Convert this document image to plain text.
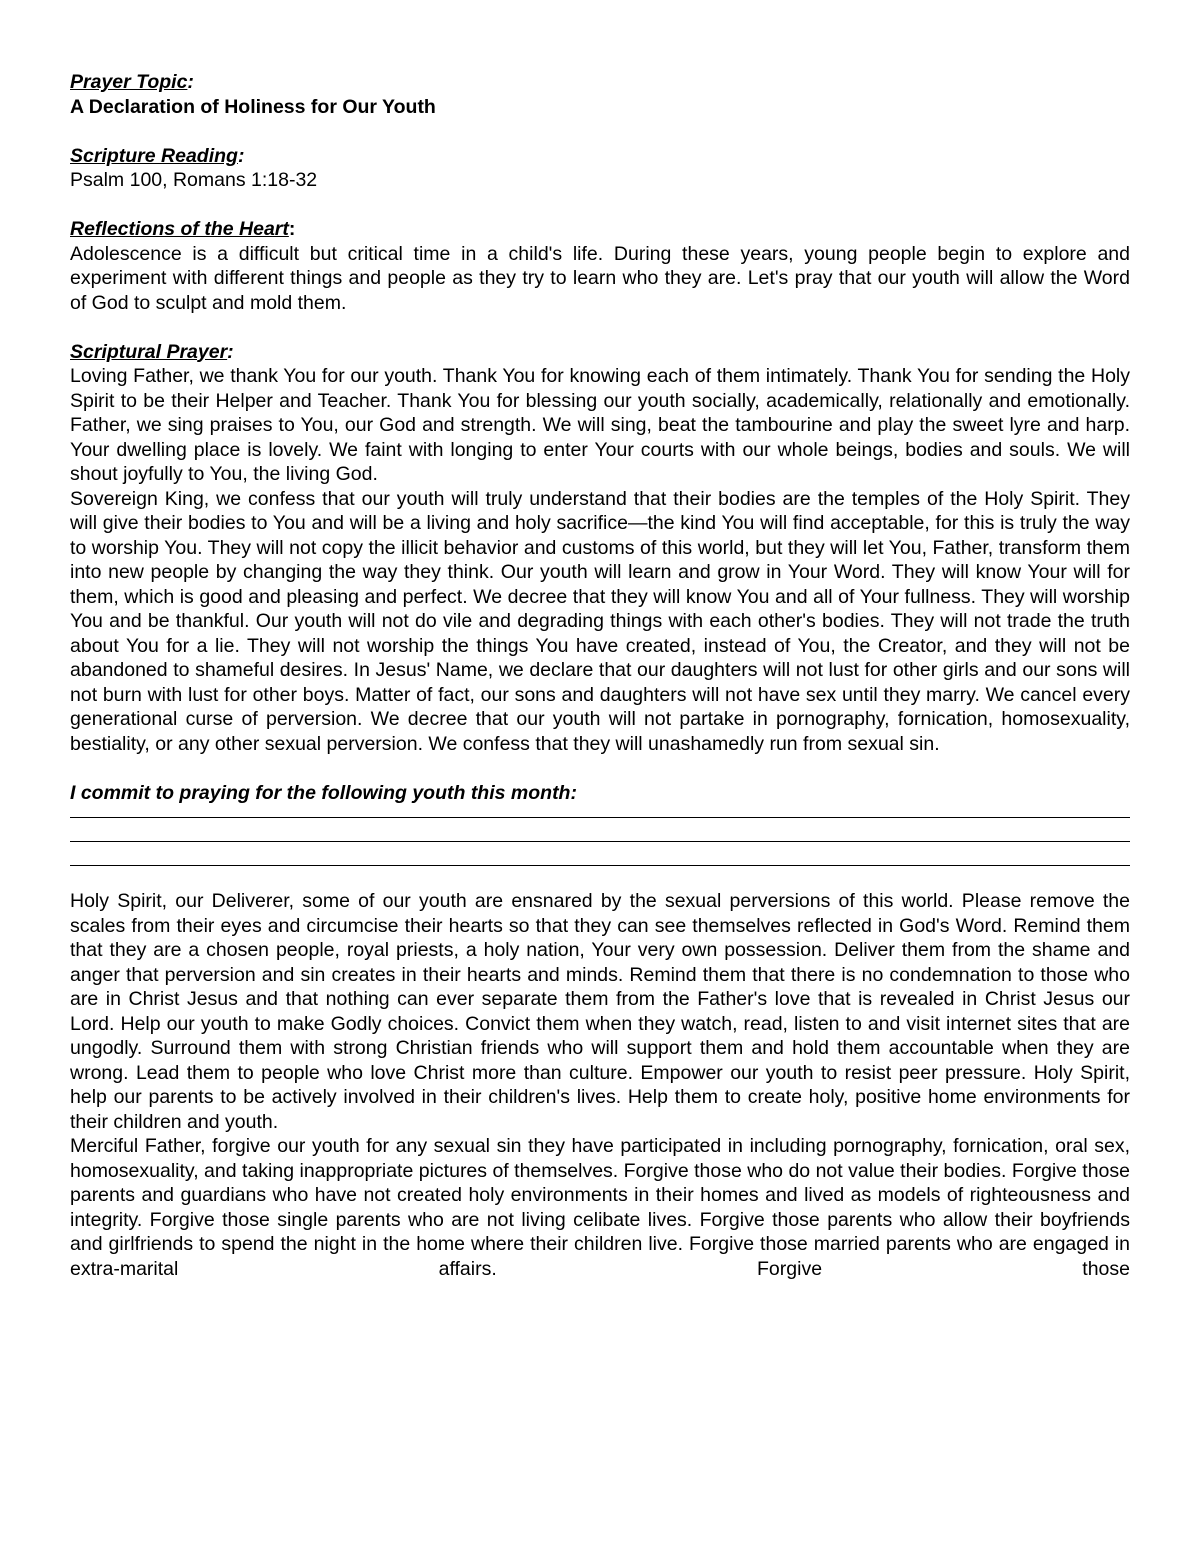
Prayer Topic:
A Declaration of Holiness for Our Youth

Scripture Reading:
Psalm 100, Romans 1:18-32

Reflections of the Heart:

Adolescence is a difficult but critical time in a child's life. During these years, young people begin to explore and experiment with different things and people as they try to learn who they are. Let's pray that our youth will allow the Word of God to sculpt and mold them.

Scriptural Prayer:

Loving Father, we thank You for our youth. Thank You for knowing each of them intimately. Thank You for sending the Holy Spirit to be their Helper and Teacher. Thank You for blessing our youth socially, academically, relationally and emotionally. Father, we sing praises to You, our God and strength. We will sing, beat the tambourine and play the sweet lyre and harp. Your dwelling place is lovely. We faint with longing to enter Your courts with our whole beings, bodies and souls. We will shout joyfully to You, the living God.

Sovereign King, we confess that our youth will truly understand that their bodies are the temples of the Holy Spirit. They will give their bodies to You and will be a living and holy sacrifice—the kind You will find acceptable, for this is truly the way to worship You. They will not copy the illicit behavior and customs of this world, but they will let You, Father, transform them into new people by changing the way they think. Our youth will learn and grow in Your Word. They will know Your will for them, which is good and pleasing and perfect. We decree that they will know You and all of Your fullness. They will worship You and be thankful. Our youth will not do vile and degrading things with each other's bodies. They will not trade the truth about You for a lie. They will not worship the things You have created, instead of You, the Creator, and they will not be abandoned to shameful desires. In Jesus' Name, we declare that our daughters will not lust for other girls and our sons will not burn with lust for other boys. Matter of fact, our sons and daughters will not have sex until they marry. We cancel every generational curse of perversion. We decree that our youth will not partake in pornography, fornication, homosexuality, bestiality, or any other sexual perversion. We confess that they will unashamedly run from sexual sin.

I commit to praying for the following youth this month:

Holy Spirit, our Deliverer, some of our youth are ensnared by the sexual perversions of this world. Please remove the scales from their eyes and circumcise their hearts so that they can see themselves reflected in God's Word. Remind them that they are a chosen people, royal priests, a holy nation, Your very own possession. Deliver them from the shame and anger that perversion and sin creates in their hearts and minds. Remind them that there is no condemnation to those who are in Christ Jesus and that nothing can ever separate them from the Father's love that is revealed in Christ Jesus our Lord. Help our youth to make Godly choices. Convict them when they watch, read, listen to and visit internet sites that are ungodly. Surround them with strong Christian friends who will support them and hold them accountable when they are wrong. Lead them to people who love Christ more than culture. Empower our youth to resist peer pressure. Holy Spirit, help our parents to be actively involved in their children's lives. Help them to create holy, positive home environments for their children and youth.

Merciful Father, forgive our youth for any sexual sin they have participated in including pornography, fornication, oral sex, homosexuality, and taking inappropriate pictures of themselves. Forgive those who do not value their bodies. Forgive those parents and guardians who have not created holy environments in their homes and lived as models of righteousness and integrity. Forgive those single parents who are not living celibate lives. Forgive those parents who allow their boyfriends and girlfriends to spend the night in the home where their children live. Forgive those married parents who are engaged in extra-marital affairs. Forgive those
